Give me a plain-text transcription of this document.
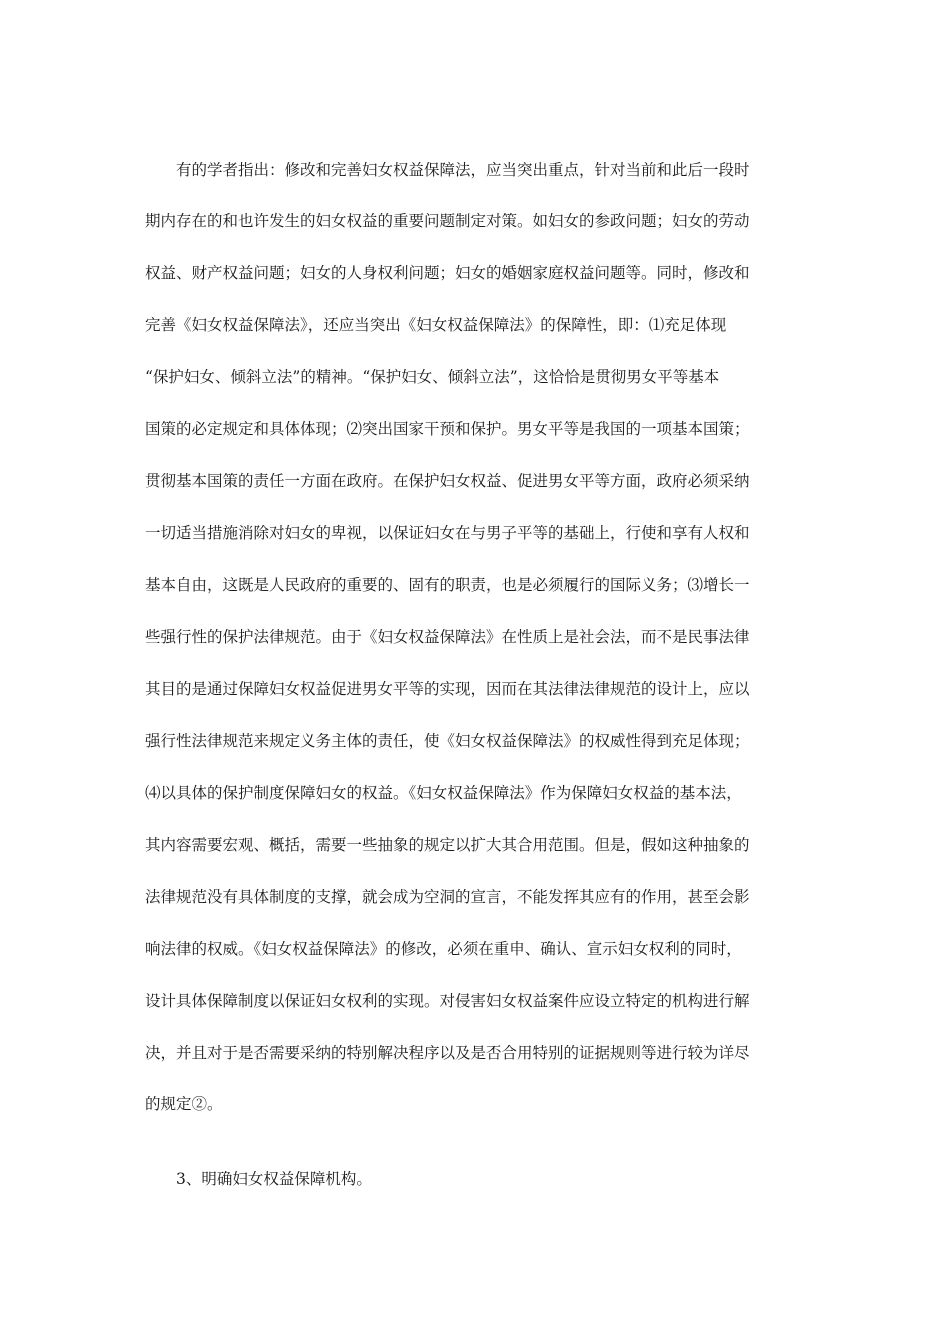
有的学者指出：修改和完善妇女权益保障法，应当突出重点，针对当前和此后一段时
期内存在的和也许发生的妇女权益的重要问题制定对策。如妇女的参政问题；妇女的劳动
权益、财产权益问题；妇女的人身权利问题；妇女的婚姻家庭权益问题等。同时，修改和
完善《妇女权益保障法》，还应当突出《妇女权益保障法》的保障性，即：⑴充足体现
“保护妇女、倾斜立法”的精神。“保护妇女、倾斜立法”，这恰恰是贯彻男女平等基本
国策的必定规定和具体体现；⑵突出国家干预和保护。男女平等是我国的一项基本国策；
贯彻基本国策的责任一方面在政府。在保护妇女权益、促进男女平等方面，政府必须采纳
一切适当措施消除对妇女的卑视，以保证妇女在与男子平等的基础上，行使和享有人权和
基本自由，这既是人民政府的重要的、固有的职责，也是必须履行的国际义务；⑶增长一
些强行性的保护法律规范。由于《妇女权益保障法》在性质上是社会法，而不是民事法律
其目的是通过保障妇女权益促进男女平等的实现，因而在其法律法律规范的设计上，应以
强行性法律规范来规定义务主体的责任，使《妇女权益保障法》的权威性得到充足体现；
⑷以具体的保护制度保障妇女的权益。《妇女权益保障法》作为保障妇女权益的基本法，
其内容需要宏观、概括，需要一些抽象的规定以扩大其合用范围。但是，假如这种抽象的
法律规范没有具体制度的支撑，就会成为空洞的宣言，不能发挥其应有的作用，甚至会影
响法律的权威。《妇女权益保障法》的修改，必须在重申、确认、宣示妇女权利的同时，
设计具体保障制度以保证妇女权利的实现。对侵害妇女权益案件应设立特定的机构进行解
决，并且对于是否需要采纳的特别解决程序以及是否合用特别的证据规则等进行较为详尽
的规定②。
3、明确妇女权益保障机构。
